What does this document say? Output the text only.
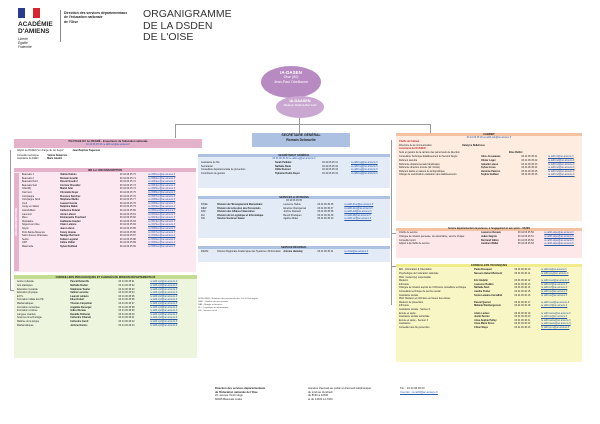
ACADÉMIE
D'AMIENS
Liberté
Égalité
Fraternité
Direction des services départementaux
de l'éducation nationale
de l'Oise
ORGANIGRAMME
DE LA DSDEN
DE L'OISE
IA-DASEN
Oise (60)
Jean-Paul Obellianne
IA-DAASEN
Mélanie Rattina-Bel Fatti
PILOTAGE DU 1er DEGRÉ - Inspecteurs de l'éducation nationale
03 44 06 45 33 ce.ia60-ien@ac-amiens.fr
Adjoint au DASEN "en charge du 1er degré"	Jean-Baptiste Pagensan
Conseiller technique	Valérie Delapriste
Assistante du ASEN	Marie Gaudin
IEN 1er CIRCONSCRIPTION
CIRCONSCRIPTIONS
Beauvais 1	Valérie Dubois	03 44 06 45 70	ce.0601ien@ac-amiens.fr
Beauvais 2	Romain Gourlin	03 44 06 45 71	ce.0602ien@ac-amiens.fr
Beauvais Nord	Pascal Goudrel	03 44 06 45 72	ce.0603ien@ac-amiens.fr
Beauvais Sud	Corinne Chevalier	03 44 06 45 73	ce.0604ien@ac-amiens.fr
Chantilly	Muriel Ader	03 44 06 45 74	ce.0605ien@ac-amiens.fr
Clermont	Christelle Noyer	03 44 06 45 75	ce.0606ien@ac-amiens.fr
Compiègne	Florence Sanchez	03 44 06 45 76	ce.0607ien@ac-amiens.fr
Compiègne Nord	Stéphane Martin	03 44 06 45 77	ce.0608ien@ac-amiens.fr
Creil	Laurent Garcia	03 44 06 45 78	ce.0609ien@ac-amiens.fr
Crépy-en-Valois	Delphine Nabat	03 44 06 45 79	ce.0610ien@ac-amiens.fr
Grandvilliers	Catherine Roland	03 44 06 45 80	ce.0611ien@ac-amiens.fr
Liancourt	Annie Lefèvre	03 44 06 45 81	ce.0612ien@ac-amiens.fr
Méru	Emmanuelle Pouchard	03 44 06 45 82	ce.0613ien@ac-amiens.fr
Montataire	Guillaume Gautier	03 44 06 45 83	ce.0614ien@ac-amiens.fr
Nogent-sur-Oise	Claire Lelièvre	03 44 06 45 84	ce.0615ien@ac-amiens.fr
Noyon	Jean Lebrun	03 44 06 45 85	ce.0616ien@ac-amiens.fr
Pont-Sainte-Maxence	Fanny Hoarau	03 44 06 45 86	ce.0617ien@ac-amiens.fr
Saint-Just-en-Chaussée	Nadège Bertrand	03 44 06 45 87	ce.0618ien@ac-amiens.fr
Senlis	Fabien Legrand	03 44 06 45 88	ce.0619ien@ac-amiens.fr
ASH	Céline Valtier	03 44 06 45 89	ce.0620ien@ac-amiens.fr
Maternelle	Sylvie Dutilleul	03 44 06 45 90	ce.0621ien@ac-amiens.fr
CONSEILLERS PÉDAGOGIQUES ET CHARGÉS DE MISSION DÉPARTEMENTAUX
Action culturelle	Pascal Delaroffe	03 44 06 45 91	ce.ia60-cpd@ac-amiens.fr
Arts plastiques	Nathalie Rodier	03 44 06 45 92	ce.ia60-cpd@ac-amiens.fr
Éducation musicale	Stéphanie Teurier	03 44 06 45 93	ce.ia60-cpd@ac-amiens.fr
Éducation physique	Valérie Lemoine	03 44 06 45 94	ce.ia60-cpd@ac-amiens.fr
E.P.S.	Laurent Lelièvre	03 44 06 45 95	ce.ia60-cpd@ac-amiens.fr
Formation initiale des PE	Élise Robert	03 44 06 45 96	ce.ia60-cpd@ac-amiens.fr
Mathématiques	Thomas Carpentier	03 44 06 45 97	ce.ia60-cpd@ac-amiens.fr
Formation numérique	Angéline Duverger	03 44 06 45 98	ce.ia60-cpd@ac-amiens.fr
Formation continue	Gilles Moreau	03 44 06 45 99	ce.ia60-cpd@ac-amiens.fr
Langues vivantes	Danielle Bréheret	03 44 06 46 00	ce.ia60-cpd@ac-amiens.fr
Sciences & technologie	Catherine Charant	03 44 06 46 01	ce.ia60-cpd@ac-amiens.fr
Maîtrise de la langue	Catherine Gerdi	03 44 06 46 02	ce.ia60-cpd@ac-amiens.fr
Mathématiques	Jérôme Duclos	03 44 06 46 03	ce.ia60-cpd@ac-amiens.fr
SECRÉTAIRE GÉNÉRAL
Romain Delaruelle
SECRÉTARIAT GÉNÉRAL
03 44 06 45 30 ce.ia60-sg@ac-amiens.fr
Assistante du SG	Sarah Pelletier	03 44 06 45 31	ce.ia60-sg@ac-amiens.fr
Secrétariat	Nathalie Rude	03 44 06 45 32	ce.ia60-sg@ac-amiens.fr
Conseillère départementale de prévention	Odile Dumont	03 44 06 45 33	ce.ia60-sg@ac-amiens.fr
Contrôleurs de gestion	Tiphaine Dodin-Royer	03 44 06 45 34	ce.ia60-sg@ac-amiens.fr
SERVICES & DIVISIONS
03 44 06 45 35
DIVEL	Division de l'Enseignement Élémentaire	Laurence Helios	03 44 06 45 36	ce.ia60-divel@ac-amiens.fr
DIEP	Division de la Gestion des Personnels	Émeline Champenoel	03 44 06 45 37	ce.ia60-diep@ac-amiens.fr
DAF	Division des Affaires Financières	Jérôme Rossard	03 44 06 45 38	ce.ia60-daf@ac-amiens.fr
DLI	Division de la Logistique et Informatique	Benoît Pouliquen	03 44 06 45 39	ce.ia60-dli@ac-amiens.fr
SSI	Service Social en faveur	Agathe Méker	03 44 06 45 40	ce.ia60-ssi@ac-amiens.fr
SERVICE RÉGIONAL
DRASI	Division Régionale Académique des Systèmes d'Information Antoine Hamelay	03 44 06 45 41	ce.drasi@ac-amiens.fr
DIVEL/DRH - Relations des personnels des 1er et 2nd degrés
DIEP - Gestion des personnels
DAF - Budget et finances
DLI - Logistique et informatique
SSI - Service social
CABINET
03 44 06 45 20 ce.ia60-cab@ac-amiens.fr
Cheffe de Cabinet
Directrice de la communication	Katelyne Bellefosse
Assistante du DAASEN
Suivi et gestion de la carrière des personnels de direction	Elise Bellini
Conseillère Technique Établissement du Second Degré	Alice Josseaume	03 44 06 45 21	ce.ia60-ct@ac-amiens.fr
Référent sécurité	Olivier Léger	03 44 06 45 22	ce.ia60-ref@ac-amiens.fr
Référente départementale handicapés	Isabelle Leleux	03 44 06 45 23	ce.ia60-ref@ac-amiens.fr
Référente direction d'école (dir. Doirat)	Sylvie Corea	03 44 06 45 24	ce.ia60-ref@ac-amiens.fr
Référent laïcité et valeurs de la République	Hermine Paterno	03 44 06 45 25	ce.ia60-ref@ac-amiens.fr
Chargé de coordination évaluation des établissements	Sophie Guillaut	03 44 06 45 26	ce.ia60-ref@ac-amiens.fr
Service départemental à la jeunesse, à l'engagement et aux sports - SDJES
Cheffe de service	Laurence Devaux	03 44 06 45 50	ce.ia60-sdjes@ac-amiens.fr
Chargée de mission jeunesse, vie associative, service civique	Julien Négrini	03 44 06 45 51	ce.ia60-sdjes@ac-amiens.fr
Conseiller sport	Bertrand Vallon	03 44 06 45 52	ce.ia60-sdjes@ac-amiens.fr
Adjoint à la cheffe de service	Aurélien Wallet	03 44 06 45 53	ce.ia60-sdjes@ac-amiens.fr
CONSEILLERS TECHNIQUES
IEN - Information & Orientation	Paola Brouquet	03 44 06 46 10	ce.ia60-io@ac-amiens.fr
Psychologue de l'éducation nationale	Nessera Hubert-Belmont	03 44 06 46 11	ce.ia60-psy@ac-amiens.fr
PDA: médecin(e) responsable
Médecin	Éric Hédelin	03 44 06 46 12	ce.ia60-med@ac-amiens.fr
Infirmière	Laurence Bodkin	03 44 06 46 13	ce.ia60-inf@ac-amiens.fr
Chargée de mission auprès de l'infirmière conseillère technique	Nathalie Noël	03 44 06 46 14	ce.ia60-inf@ac-amiens.fr
Conseillère technique de service social	Aurélie Poirier	03 44 06 46 15	ce.ia60-ss@ac-amiens.fr
Assistante sociale	Sonia Lemaire-Carvalhal	03 44 06 46 16	ce.ia60-ss@ac-amiens.fr
PDA: Médecin et Infirmière en faveur des élèves
Médecin de prévention	Pascal Quenot	03 44 06 46 17	ce.ia60-med@ac-amiens.fr
Infirmière	Mélanie Weinbergerova	03 44 06 46 18	ce.ia60-inf@ac-amiens.fr
Assistante sociale - Secteur 1
Écoute et santé	Anaïs Leclerc	03 44 06 46 19	ce.ia60-sante@ac-amiens.fr
Assistante sociale territoriale	Justin Berrier	03 44 06 46 20	ce.ia60-ss@ac-amiens.fr
Écoute et santé - Secteur 3	Anne-Sophie Pelluy	03 44 06 46 21	ce.ia60-sante@ac-amiens.fr
Assistance	Anne-Marie Rossi	03 44 06 46 22	ce.ia60-sante@ac-amiens.fr
Conseiller des lits prévention	Chloé Steps	03 44 06 46 23	ce.ia60-prev@ac-amiens.fr
Direction des services départementaux
de l'Éducation nationale de l'Oise
22, avenue Victor Hugo
60025 Beauvais cedex
Horaires d'accueil au public et d'accueil téléphonique
du lundi au Vendredi
de 8h30 à 12h00
et de 14h00 à 17h00
Tél. : 03 44 06 45 00
Courriel : ce.ia60@ac-amiens.fr
